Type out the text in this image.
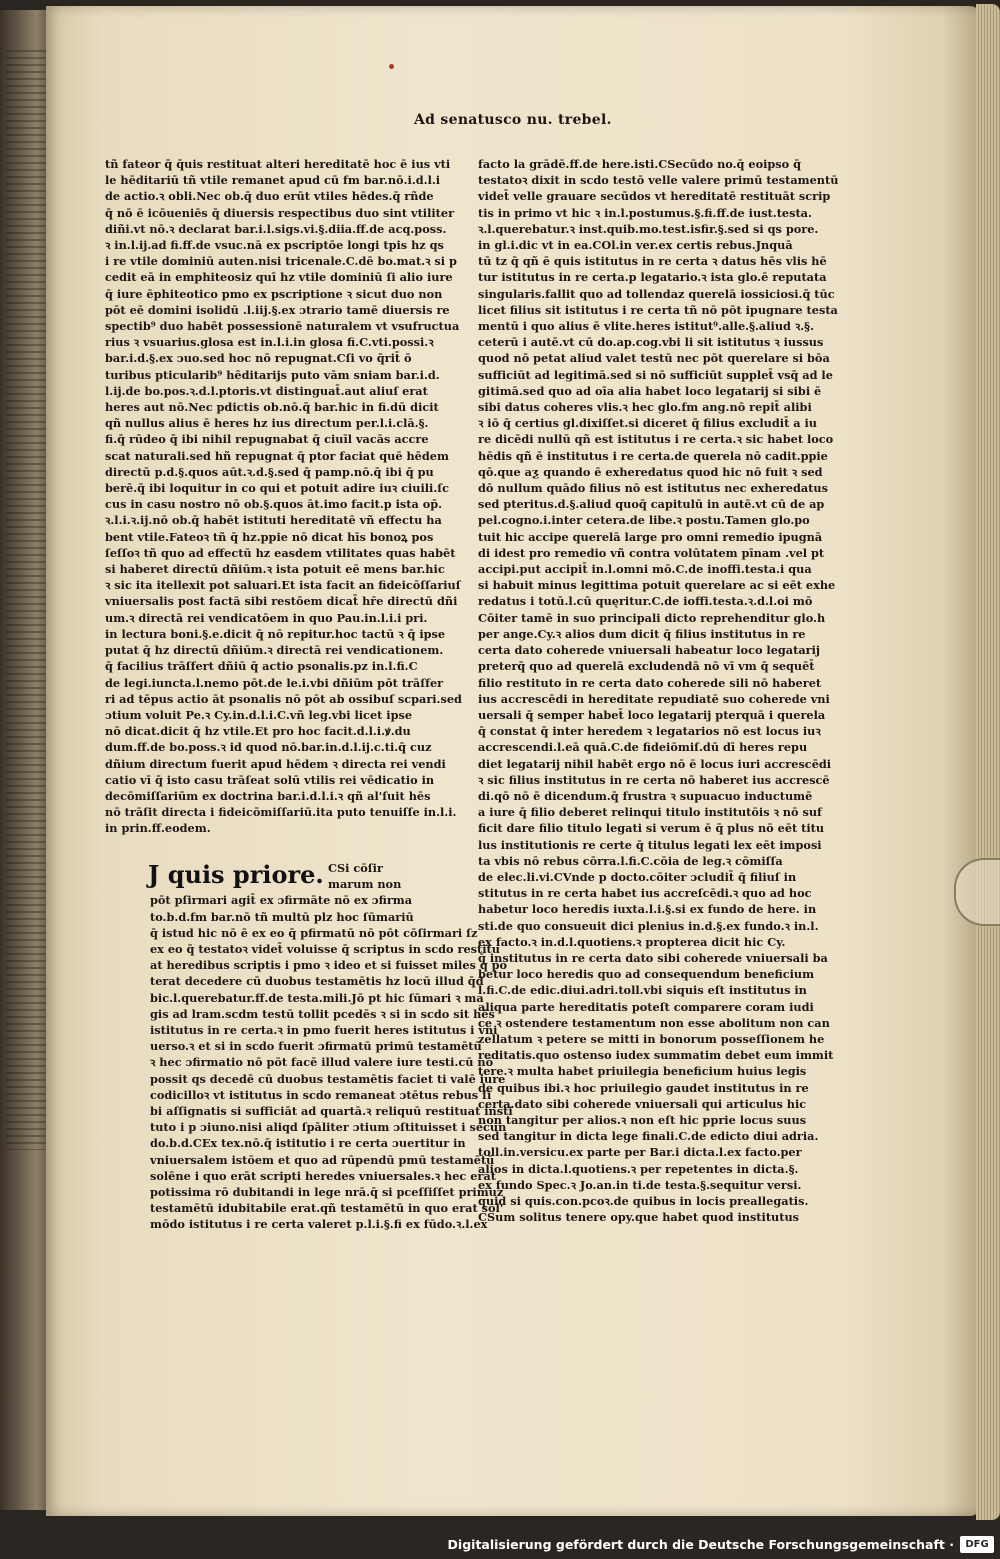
Ad senatusco nu. trebel.
tñ fateor q̄ q̄uis restituat alteri hereditatē hoc ē ius vti
le hēditariū tñ vtile remanet apud cū fm bar.nō.i.d.l.i
de actio.ꝛ obli.Nec ob.q̄ duo erūt vtiles hēdes.q̄ rñde
q̄ nō ē icōueniēs q̄ diuersis respectibus duo sint vtiliter
diñi.vt nō.ꝛ declarat bar.i.l.sigs.vi.§.diia.ff.de acq.poss.
ꝛ in.l.ij.ad fi.ff.de vsuc.nā ex pscriptōe longi tpis hz qs
i re vtile dominiū auten.nisi tricenale.C.dē bo.mat.ꝛ si p
cedit eā in emphiteosiz quī hz vtile dominiū ſi alio iure
q̄ iure ēphiteotico pmo ex pscriptione ꝛ sicut duo non
pōt eē domini isolidū .l.iij.§.ex ɔtrario tamē diuersis re
spectib⁹ duo habēt possessionē naturalem vt vsufructua
rius ꝛ vsuarius.glosa est in.l.i.in glosa fi.C.vti.possi.ꝛ
bar.i.d.§.ex ɔuo.sed hoc nō repugnat.Cſi vo q̄rit̄ ō
turibus pticularib⁹ hēditarijs puto vām sniam bar.i.d.
l.ij.de bo.pos.ꝛ.d.l.ptoris.vt distinguat̄.aut aliuſ erat
heres aut nō.Nec pdictis ob.nō.q̄ bar.hic in fi.dū dicit
qñ nullus alius ē heres hz ius directum per.l.i.clā.§.
fi.q̄ rūdeo q̄ ibi nihil repugnabat q̄ ciuīl vacās accre
scat naturali.sed hñ repugnat q̄ ptor faciat quē hēdem
directū p.d.§.quos aūt.ꝛ.d.§.sed q̄ pamp.nō.q̄ ibi q̄ pu
berē.q̄ ibi loquitur in co qui et potuit adire iuꝛ ciuili.ſc
cus in casu nostro nō ob.§.quos āt.imo facit.p ista op̄.
ꝛ.l.i.ꝛ.ij.nō ob.q̄ habēt istituti hereditatē vñ effectu ha
bent vtile.Fateoꝛ tñ q̄ hz.ppie nō dicat hīs bonoꝝ pos
ſeſſoꝛ tñ quo ad effectū hz easdem vtilitates quas habēt
si haberet directū dñiūm.ꝛ ista potuit eē mens bar.hic
ꝛ sic ita itellexit pot saluari.Et ista facit an fideicōſſariuſ
vniuersalis post factā sibi restōem dicat̄ hr̄e directū dñi
um.ꝛ directā rei vendicatōem in quo Pau.in.l.i.i pri.
in lectura boni.§.e.dicit q̄ nō repitur.hoc tactū ꝛ q̄ ipse
putat q̄ hz directū dñiūm.ꝛ directā rei vendicationem.
q̄ facilius trāſfert dñiū q̄ actio psonalis.pz in.l.fi.C
de legi.iuncta.l.nemo pōt.de le.i.vbi dñiūm pōt trāſfer
ri ad tēpus actio āt psonalis nō pōt ab ossibuſ scpari.sed
ɔtium voluit Pe.ꝛ Cy.in.d.l.i.C.vñ leg.vbi licet ipse
nō dicat.dicit q̄ hz vtile.Et pro hoc facit.d.l.i.ꝟ.du
dum.ff.de bo.poss.ꝛ id quod nō.bar.in.d.l.ij.c.ti.q̄ cuz
dñium directum fuerit apud hēdem ꝛ directa rei vendi
catio vī q̄ isto casu trāſeat solū vtilis rei vēdicatio in
decōmiſſariūm ex doctrina bar.i.d.l.i.ꝛ qñ al'ſuit hēs
nō trāſit directa i fideicōmiſſariū.ita puto tenuiſſe in.l.i.
in prin.ff.eodem.
J quis priore. CSi cōſir
marum non
pōt pſirmari agit̄ ex ɔfirmāte nō ex ɔfirma
to.b.d.fm bar.nō tñ multū plz hoc ſūmariū
q̄ istud hic nō ē ex eo q̄ pfirmatū nō pōt cōſirmari ſz
ex eo q̄ testatoꝛ videt̄ voluisse q̄ scriptus in scdo restitu
at heredibus scriptis i pmo ꝛ ideo et si fuisset miles q po
terat decedere cū duobus testamētis hz locū illud q̄d
bic.l.querebatur.ff.de testa.mili.Jō pt hic ſūmari ꝛ ma
gis ad lram.scdm testū tollit pcedēs ꝛ si in scdo sit hēs
istitutus in re certa.ꝛ in pmo fuerit heres istitutus i vni
uerso.ꝛ et si in scdo fuerit ɔfirmatū primū testamētū
ꝛ hec ɔfirmatio nō pōt facē illud valere iure testi.cū nō
possit qs decedē cū duobus testamētis faciet ti valē iure
codicilloꝛ vt istitutus in scdo remaneat ɔtētus rebus ſi
bi aſſignatis si sufficiāt ad quartā.ꝛ reliquū restituat insti
tuto i p ɔiuno.nisi aliqd ſpāliter ɔtium ɔſtituisset i secun
do.b.d.CEx tex.nō.q̄ istitutio i re certa ɔuertitur in
vniuersalem istōem et quo ad rūpendū pmū testamētū
solēne i quo erāt scripti heredes vniuersales.ꝛ hec erat
potissima rō dubitandi in lege nrā.q̄ si pceſſiſſet primuz
testamētū idubitabile erat.qñ testamētū in quo erat sol'
mōdo istitutus i re certa valeret p.l.i.§.fi ex fūdo.ꝛ.l.ex
facto la grādē.ff.de here.isti.CSecūdo no.q̄ eoipso q̄
testatoꝛ dixit in scdo testō velle valere primū testamentū
videt̄ velle grauare secūdos vt hereditatē restituāt scrip
tis in primo vt hic ꝛ in.l.postumus.§.fi.ff.de iust.testa.
ꝛ.l.querebatur.ꝛ inst.quib.mo.test.isfir.§.sed si qs pore.
in gl.i.dic vt in ea.COl.in ver.ex certis rebus.Jnquā
tū tz q̄ qñ ē quis istitutus in re certa ꝛ datus hēs vlis hē
tur istitutus in re certa.p legatario.ꝛ ista glo.ē reputata
singularis.fallit quo ad tollendaz querelā iossiciosi.q̄ tūc
licet filius sit istitutus i re certa tñ nō pōt ipugnare testa
mentū i quo alius ē vlite.heres istitut⁹.alle.§.aliud ꝛ.§.
ceterū i autē.vt cū do.ap.cog.vbi li sit istitutus ꝛ iussus
quod nō petat aliud valet testū nec pōt querelare si bōa
sufficiūt ad legitimā.sed si nō sufficiūt supplet̄ vsq̄ ad le
gitimā.sed quo ad oīa alia habet loco legatarij si sibi ē
sibi datus coheres vlis.ꝛ hec glo.fm ang.nō repit̄ alibi
ꝛ iō q̄ certius gl.dixiſſet.si diceret q̄ filius excludit̄ a iu
re dicēdi nullū qñ est istitutus i re certa.ꝛ sic habet loco
hēdis qñ ē institutus i re certa.de querela nō cadit.ppie
qō.que aƺ quando ē exheredatus quod hic nō fuit ꝛ sed
dō nullum quādo filius nō est istitutus nec exheredatus
sed pteritus.d.§.aliud quoq̄ capitulū in autē.vt cū de ap
pel.cogno.i.inter cetera.de libe.ꝛ postu.Tamen glo.po
tuit hic accipe querelā large pro omni remedio ipugnā
di idest pro remedio vñ contra volūtatem pīnam .vel pt
accipi.put accipit̄ in.l.omni mō.C.de inoffi.testa.i qua
si habuit minus legittima potuit querelare ac si eēt exhe
redatus i totū.l.cū quęritur.C.de ioffi.testa.ꝛ.d.l.oi mō
Cōiter tamē in suo principali dicto reprehenditur glo.h
per ange.Cy.ꝛ alios dum dicit q̄ filius institutus in re
certa dato coherede vniuersali habeatur loco legatarij
preterq̄ quo ad querelā excludendā nō vī vm q̄ sequēt̄
filio restituto in re certa dato coherede sili nō haberet
ius accrescēdi in hereditate repudiatē suo coherede vni
uersali q̄ semper habet̄ loco legatarij pterquā i querela
q̄ constat q̄ inter heredem ꝛ legatarios nō est locus iuꝛ
accrescendi.l.eā quā.C.de fideiōmiſ.dū dī heres repu
diet legatarij nihil habēt ergo nō ē locus iuri accrescēdi
ꝛ sic filius institutus in re certa nō haberet ius accrescē
di.qō nō ē dicendum.q̄ frustra ꝛ supuacuo inductumē
a iure q̄ filio deberet relinqui titulo institutōis ꝛ nō suf
ficit dare filio titulo legati si verum ē q̄ plus nō eēt titu
lus institutionis re certe q̄ titulus legati lex eēt imposi
ta vbis nō rebus cōrra.l.fi.C.cōia de leg.ꝛ cōmiſſa
de elec.li.vi.CVnde p docto.cōiter ɔcludit̄ q̄ filiuſ in
stitutus in re certa habet ius accreſcēdi.ꝛ quo ad hoc
habetur loco heredis iuxta.l.i.§.si ex fundo de here. in
sti.de quo consueuit dici plenius in.d.§.ex fundo.ꝛ in.l.
ex facto.ꝛ in.d.l.quotiens.ꝛ propterea dicit hic Cy.
q̄ institutus in re certa dato sibi coherede vniuersali ba
betur loco heredis quo ad consequendum beneficium
l.fi.C.de edic.diui.adri.toll.vbi siquis eſt institutus in
aliqua parte hereditatis poteſt comparere coram iudi
ce ꝛ ostendere testamentum non esse abolitum non can
zellatum ꝛ petere se mitti in bonorum posseſſionem he
reditatis.quo ostenso iudex summatim debet eum immit
tere.ꝛ multa habet priuilegia beneficium huius legis
de quibus ibi.ꝛ hoc priuilegio gaudet institutus in re
certa.dato sibi coherede vniuersali qui articulus hic
non tangitur per alios.ꝛ non eſt hic pprie locus suus
sed tangitur in dicta lege finali.C.de edicto diui adria.
toll.in.versicu.ex parte per Bar.i dicta.l.ex facto.per
alios in dicta.l.quotiens.ꝛ per repetentes in dicta.§.
ex fundo Spec.ꝛ Jo.an.in ti.de testa.§.sequitur versi.
quid si quis.con.pcoꝛ.de quibus in locis preallegatis.
CSum solitus tenere opy.que habet quod institutus
Digitalisierung gefördert durch die Deutsche Forschungsgemeinschaft ·	DFG
